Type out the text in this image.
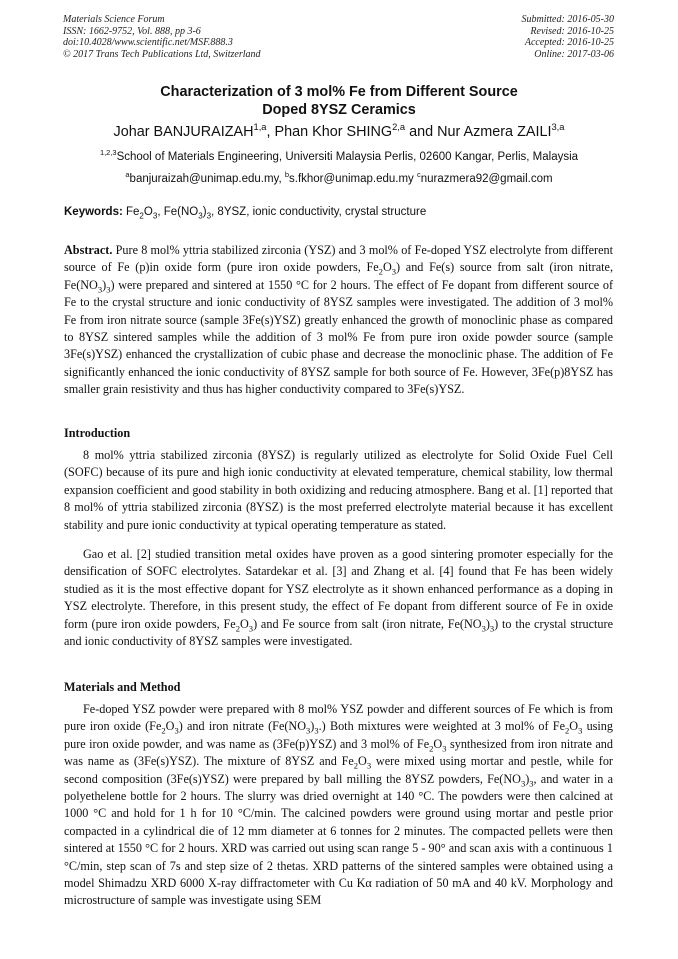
Materials Science Forum
ISSN: 1662-9752, Vol. 888, pp 3-6
doi:10.4028/www.scientific.net/MSF.888.3
© 2017 Trans Tech Publications Ltd, Switzerland
Submitted: 2016-05-30
Revised: 2016-10-25
Accepted: 2016-10-25
Online: 2017-03-06
Characterization of 3 mol% Fe from Different Source
Doped 8YSZ Ceramics
Johar BANJURAIZAH$^{1,a}$, Phan Khor SHING$^{2,a}$ and Nur Azmera ZAILI$^{3,a}$
$^{1,2,3}$School of Materials Engineering, Universiti Malaysia Perlis, 02600 Kangar, Perlis, Malaysia
$^a$banjuraizah@unimap.edu.my, $^b$s.fkhor@unimap.edu.my $^c$nurazmera92@gmail.com
Keywords: $Fe_2O_3$, $Fe(NO_3)_3$, 8YSZ, ionic conductivity, crystal structure

Abstract. Pure 8 mol% yttria stabilized zirconia (YSZ) and 3 mol% of Fe-doped YSZ electrolyte from different source of Fe (p)in oxide form (pure iron oxide powders, $Fe_2O_3$) and Fe(s) source from salt (iron nitrate, $Fe(NO_3)_3$) were prepared and sintered at 1550 °C for 2 hours. The effect of Fe dopant from different source of Fe to the crystal structure and ionic conductivity of 8YSZ samples were investigated. The addition of 3 mol% Fe from iron nitrate source (sample 3Fe(s)YSZ) greatly enhanced the growth of monoclinic phase as compared to 8YSZ sintered samples while the addition of 3 mol% Fe from pure iron oxide powder source (sample 3Fe(s)YSZ) enhanced the crystallization of cubic phase and decrease the monoclinic phase. The addition of Fe significantly enhanced the ionic conductivity of 8YSZ sample for both source of Fe. However, 3Fe(p)8YSZ has smaller grain resistivity and thus has higher conductivity compared to 3Fe(s)YSZ.

Introduction

8 mol% yttria stabilized zirconia (8YSZ) is regularly utilized as electrolyte for Solid Oxide Fuel Cell (SOFC) because of its pure and high ionic conductivity at elevated temperature, chemical stability, low thermal expansion coefficient and good stability in both oxidizing and reducing atmosphere. Bang et al. [1] reported that 8 mol% of yttria stabilized zirconia (8YSZ) is the most preferred electrolyte material because it has excellent stability and pure ionic conductivity at typical operating temperature as stated.

Gao et al. [2] studied transition metal oxides have proven as a good sintering promoter especially for the densification of SOFC electrolytes. Satardekar et al. [3] and Zhang et al. [4] found that Fe has been widely studied as it is the most effective dopant for YSZ electrolyte as it shown enhanced performance as a doping in YSZ electrolyte. Therefore, in this present study, the effect of Fe dopant from different source of Fe in oxide form (pure iron oxide powders, $Fe_2O_3$) and Fe source from salt (iron nitrate, $Fe(NO_3)_3$) to the crystal structure and ionic conductivity of 8YSZ samples were investigated.

Materials and Method

Fe-doped YSZ powder were prepared with 8 mol% YSZ powder and different sources of Fe which is from pure iron oxide $(Fe_2O_3)$ and iron nitrate $(Fe(NO_3)_3.)$ Both mixtures were weighted at 3 mol% of $Fe_2O_3$ using pure iron oxide powder, and was name as (3Fe(p)YSZ) and 3 mol% of $Fe_2O_3$ synthesized from iron nitrate and was name as (3Fe(s)YSZ). The mixture of 8YSZ and $Fe_2O_3$ were mixed using mortar and pestle, while for second composition (3Fe(s)YSZ) were prepared by ball milling the 8YSZ powders, $Fe(NO_3)_3$, and water in a polyethelene bottle for 2 hours. The slurry was dried overnight at 140 °C. The powders were then calcined at 1000 °C and hold for 1 h for 10 °C/min. The calcined powders were ground using mortar and pestle prior compacted in a cylindrical die of 12 mm diameter at 6 tonnes for 2 minutes. The compacted pellets were then sintered at 1550 °C for 2 hours. XRD was carried out using scan range 5 - 90° and scan axis with a continuous 1 °C/min, step scan of 7s and step size of 2 thetas. XRD patterns of the sintered samples were obtained using a model Shimadzu XRD 6000 X-ray diffractometer with Cu Kα radiation of 50 mA and 40 kV. Morphology and microstructure of sample was investigate using SEM
